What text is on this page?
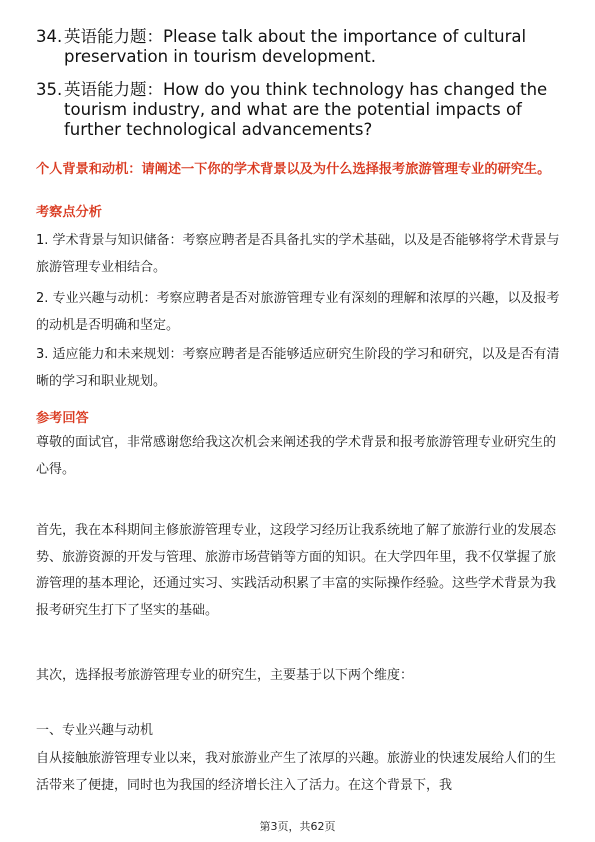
34. 英语能力题：Please talk about the importance of cultural preservation in tourism development.
35. 英语能力题：How do you think technology has changed the tourism industry, and what are the potential impacts of further technological advancements?
个人背景和动机：请阐述一下你的学术背景以及为什么选择报考旅游管理专业的研究生。
考察点分析
1. 学术背景与知识储备：考察应聘者是否具备扎实的学术基础，以及是否能够将学术背景与旅游管理专业相结合。
2. 专业兴趣与动机：考察应聘者是否对旅游管理专业有深刻的理解和浓厚的兴趣，以及报考的动机是否明确和坚定。
3. 适应能力和未来规划：考察应聘者是否能够适应研究生阶段的学习和研究，以及是否有清晰的学习和职业规划。
参考回答
尊敬的面试官，非常感谢您给我这次机会来阐述我的学术背景和报考旅游管理专业研究生的心得。
首先，我在本科期间主修旅游管理专业，这段学习经历让我系统地了解了旅游行业的发展态势、旅游资源的开发与管理、旅游市场营销等方面的知识。在大学四年里，我不仅掌握了旅游管理的基本理论，还通过实习、实践活动积累了丰富的实际操作经验。这些学术背景为我报考研究生打下了坚实的基础。
其次，选择报考旅游管理专业的研究生，主要基于以下两个维度：
一、专业兴趣与动机
自从接触旅游管理专业以来，我对旅游业产生了浓厚的兴趣。旅游业的快速发展给人们的生活带来了便捷，同时也为我国的经济增长注入了活力。在这个背景下，我
第3页，共62页
